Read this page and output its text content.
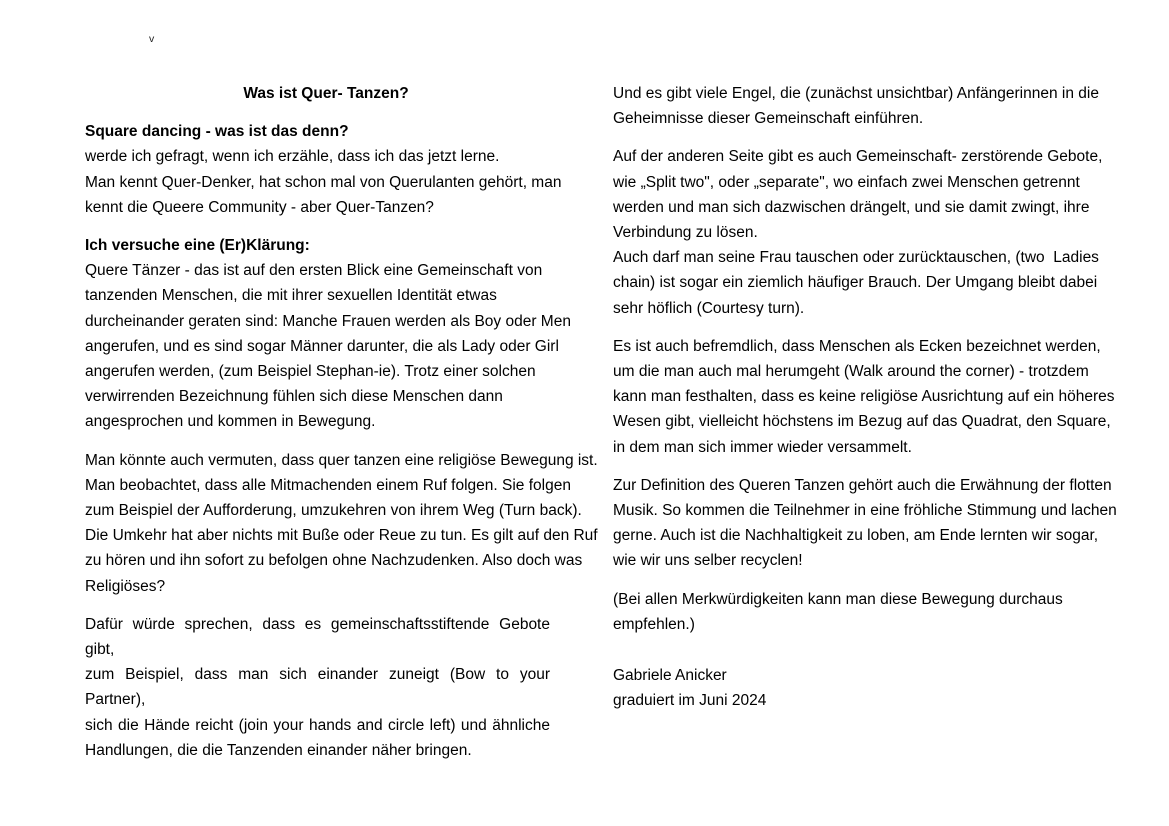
v
Was ist Quer- Tanzen?
Square dancing - was ist das denn?
werde ich gefragt, wenn ich erzähle, dass ich das jetzt lerne.
Man kennt Quer-Denker, hat schon mal von Querulanten gehört, man
kennt die Queere Community - aber Quer-Tanzen?
Ich versuche eine (Er)Klärung:
Quere Tänzer - das ist auf den ersten Blick eine Gemeinschaft von
tanzenden Menschen, die mit ihrer sexuellen Identität etwas
durcheinander geraten sind: Manche Frauen werden als Boy oder Men
angerufen, und es sind sogar Männer darunter, die als Lady oder Girl
angerufen werden, (zum Beispiel Stephan-ie). Trotz einer solchen
verwirrenden Bezeichnung fühlen sich diese Menschen dann
angesprochen und kommen in Bewegung.
Man könnte auch vermuten, dass quer tanzen eine religiöse Bewegung ist.
Man beobachtet, dass alle Mitmachenden einem Ruf folgen. Sie folgen
zum Beispiel der Aufforderung, umzukehren von ihrem Weg (Turn back).
Die Umkehr hat aber nichts mit Buße oder Reue zu tun. Es gilt auf den Ruf
zu hören und ihn sofort zu befolgen ohne Nachzudenken. Also doch was
Religiöses?
Dafür würde sprechen, dass es gemeinschaftsstiftende Gebote gibt,
zum Beispiel, dass man sich einander zuneigt (Bow to your Partner),
sich die Hände reicht (join your hands and circle left) und ähnliche
Handlungen, die die Tanzenden einander näher bringen.
Und es gibt viele Engel, die (zunächst unsichtbar) Anfängerinnen in die
Geheimnisse dieser Gemeinschaft einführen.
Auf der anderen Seite gibt es auch Gemeinschaft- zerstörende Gebote,
wie „Split two", oder „separate", wo einfach zwei Menschen getrennt
werden und man sich dazwischen drängelt, und sie damit zwingt, ihre
Verbindung zu lösen.
Auch darf man seine Frau tauschen oder zurücktauschen, (two  Ladies
chain) ist sogar ein ziemlich häufiger Brauch. Der Umgang bleibt dabei
sehr höflich (Courtesy turn).
Es ist auch befremdlich, dass Menschen als Ecken bezeichnet werden,
um die man auch mal herumgeht (Walk around the corner) - trotzdem
kann man festhalten, dass es keine religiöse Ausrichtung auf ein höheres
Wesen gibt, vielleicht höchstens im Bezug auf das Quadrat, den Square,
in dem man sich immer wieder versammelt.
Zur Definition des Queren Tanzen gehört auch die Erwähnung der flotten
Musik. So kommen die Teilnehmer in eine fröhliche Stimmung und lachen
gerne. Auch ist die Nachhaltigkeit zu loben, am Ende lernten wir sogar,
wie wir uns selber recyclen!
(Bei allen Merkwürdigkeiten kann man diese Bewegung durchaus
empfehlen.)
Gabriele Anicker
graduiert im Juni 2024
